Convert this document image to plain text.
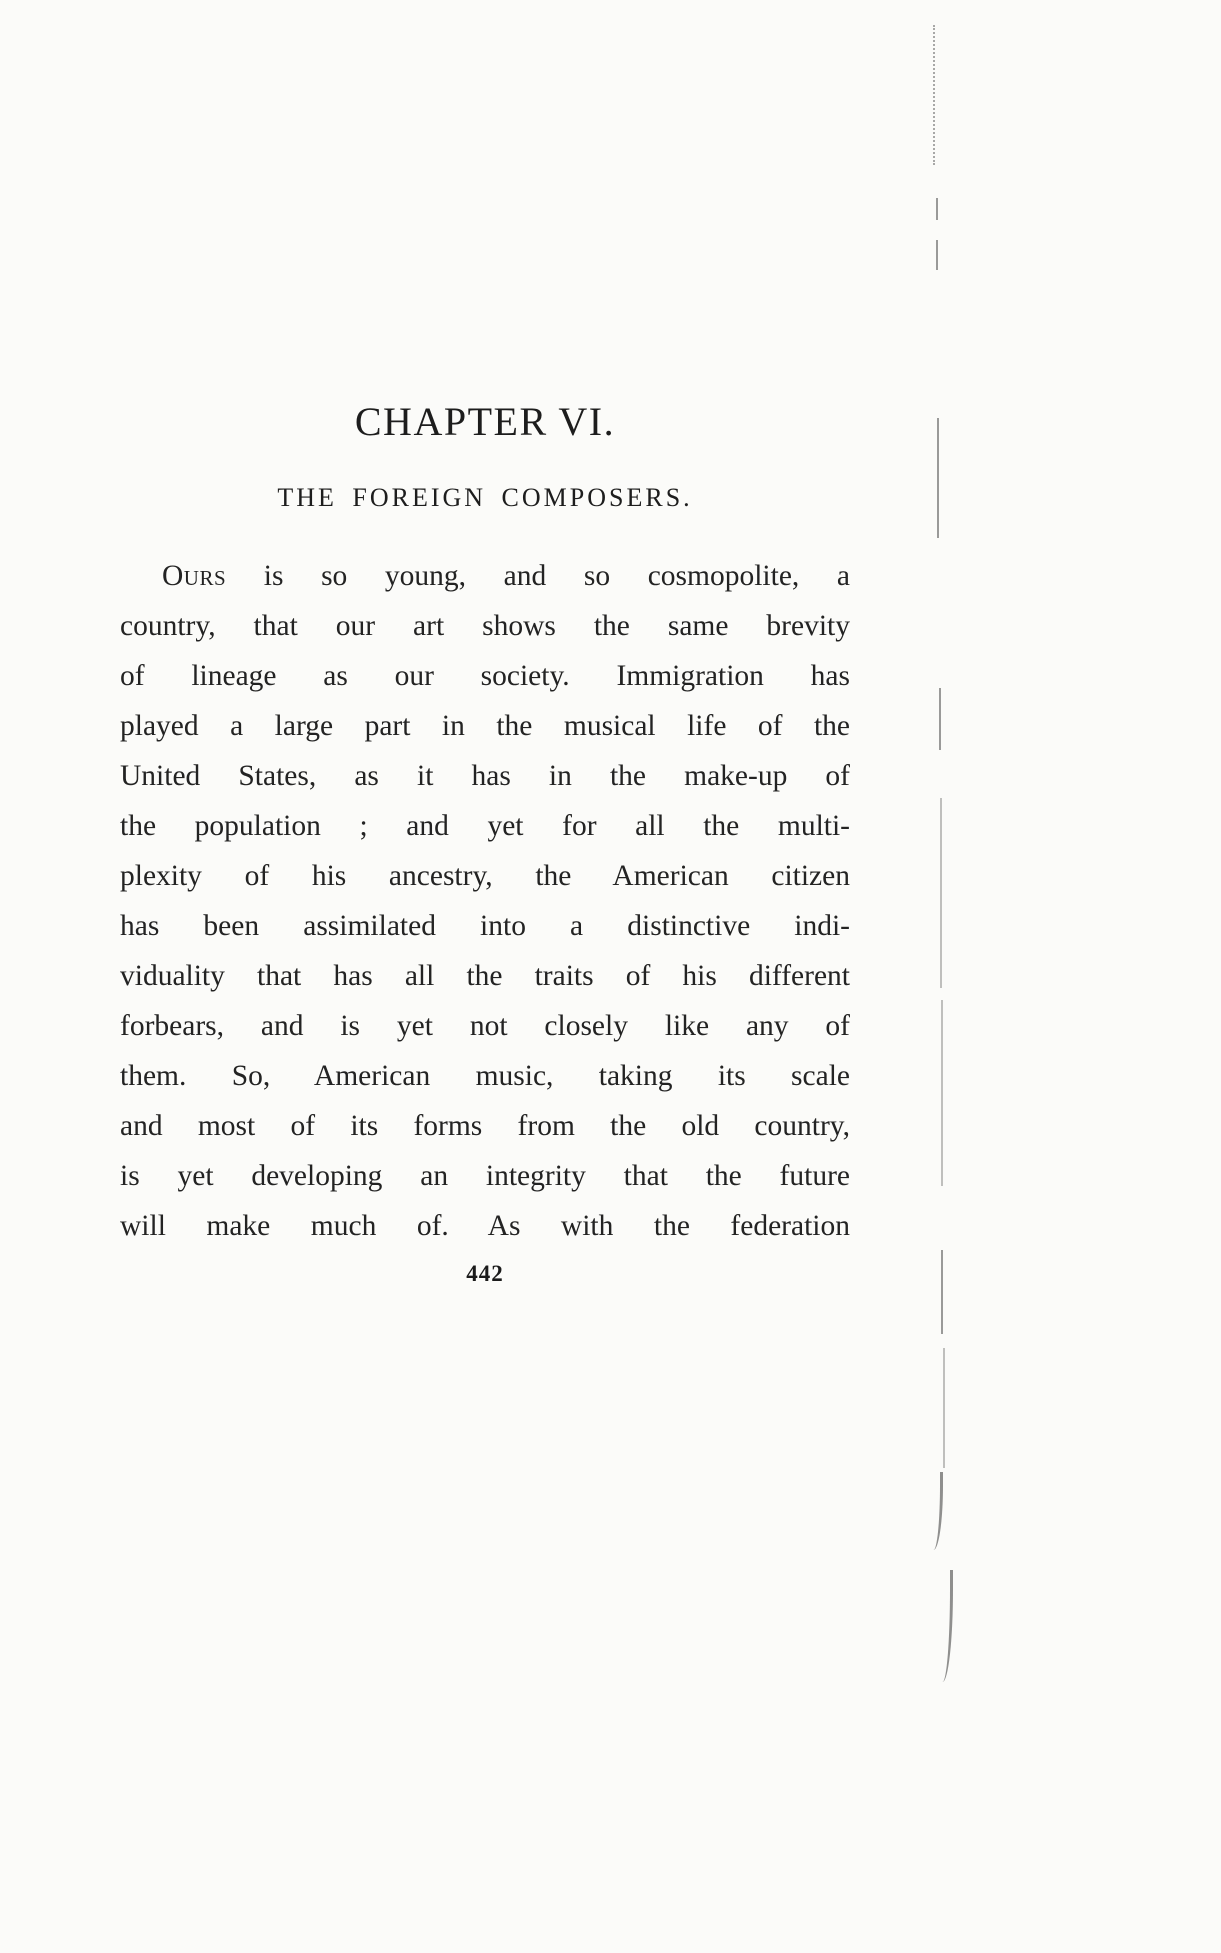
CHAPTER VI.
THE FOREIGN COMPOSERS.
Ours is so young, and so cosmopolite, a
country, that our art shows the same brevity
of lineage as our society. Immigration has
played a large part in the musical life of the
United States, as it has in the make-up of
the population ; and yet for all the multi-
plexity of his ancestry, the American citizen
has been assimilated into a distinctive indi-
viduality that has all the traits of his different
forbears, and is yet not closely like any of
them. So, American music, taking its scale
and most of its forms from the old country,
is yet developing an integrity that the future
will make much of. As with the federation
442
